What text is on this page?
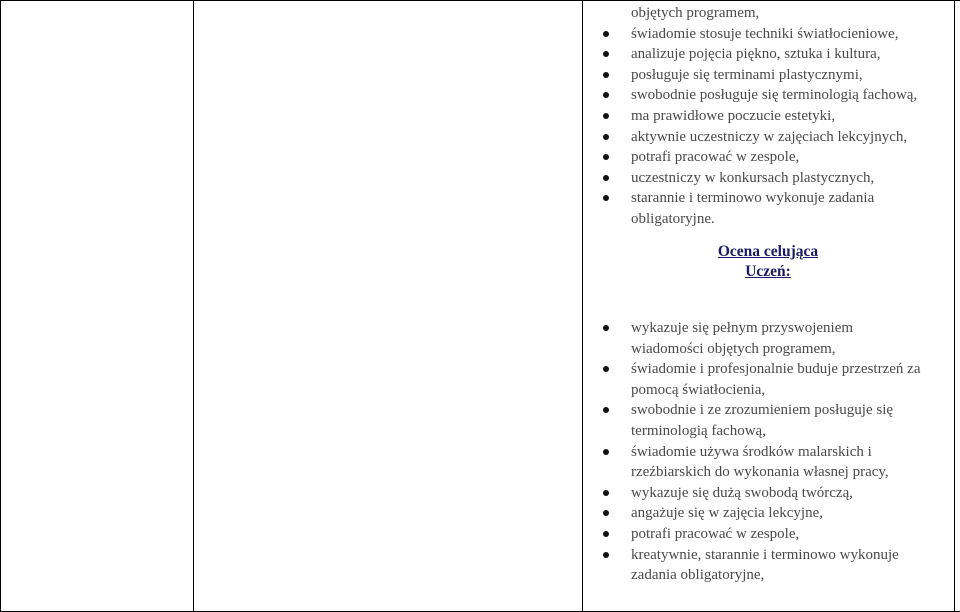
objętych programem,
świadomie stosuje techniki światłocieniowe,
analizuje pojęcia piękno, sztuka i kultura,
posługuje się terminami plastycznymi,
swobodnie posługuje się terminologią fachową,
ma prawidłowe poczucie estetyki,
aktywnie uczestniczy w zajęciach lekcyjnych,
potrafi pracować w zespole,
uczestniczy w konkursach plastycznych,
starannie i terminowo wykonuje zadania
obligatoryjne.
Ocena celująca
Uczeń:
wykazuje się pełnym przyswojeniem
wiadomości objętych programem,
świadomie i profesjonalnie buduje przestrzeń za
pomocą światłocienia,
swobodnie i ze zrozumieniem posługuje się
terminologią fachową,
świadomie używa środków malarskich i
rzeźbiarskich do wykonania własnej pracy,
wykazuje się dużą swobodą twórczą,
angażuje się w zajęcia lekcyjne,
potrafi pracować w zespole,
kreatywnie, starannie i terminowo wykonuje
zadania obligatoryjne,
